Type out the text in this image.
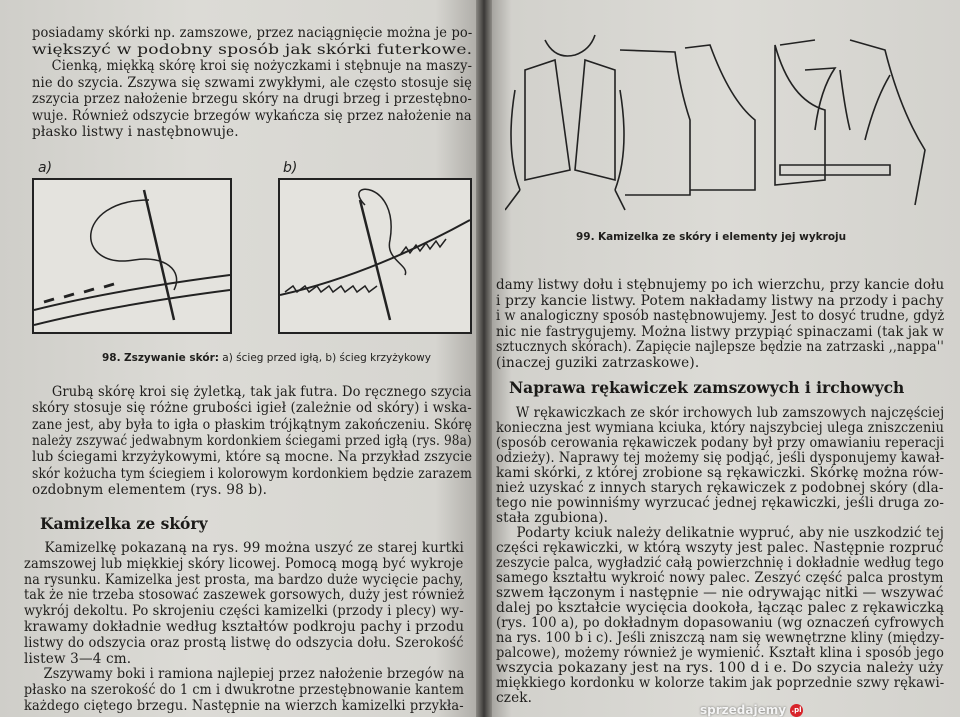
posiadamy skórki np. zamszowe, przez naciągnięcie można je po-
większyć w podobny sposób jak skórki futerkowe.
  Cienką, miękką skórę kroi się nożyczkami i stębnuje na maszy-
nie do szycia. Zszywa się szwami zwykłymi, ale często stosuje się
zszycia przez nałożenie brzegu skóry na drugi brzeg i przestębno-
wuje. Również odszycie brzegów wykańcza się przez nałożenie na
płasko listwy i nastębnowuje.
a)	b)
98. Zszywanie skór: a) ścieg przed igłą, b) ścieg krzyżykowy
  Grubą skórę kroi się żyletką, tak jak futra. Do ręcznego szycia
skóry stosuje się różne grubości igieł (zależnie od skóry) i wska-
zane jest, aby była to igła o płaskim trójkątnym zakończeniu. Skórę
należy zszywać jedwabnym kordonkiem ściegami przed igłą (rys. 98a)
lub ściegami krzyżykowymi, które są mocne. Na przykład zszycie
skór kożucha tym ściegiem i kolorowym kordonkiem będzie zarazem
ozdobnym elementem (rys. 98 b).
Kamizelka ze skóry
  Kamizelkę pokazaną na rys. 99 można uszyć ze starej kurtki
zamszowej lub miękkiej skóry licowej. Pomocą mogą być wykroje
na rysunku. Kamizelka jest prosta, ma bardzo duże wycięcie pachy,
tak że nie trzeba stosować zaszewek gorsowych, duży jest również
wykrój dekoltu. Po skrojeniu części kamizelki (przody i plecy) wy-
krawamy dokładnie według kształtów podkroju pachy i przodu
listwy do odszycia oraz prostą listwę do odszycia dołu. Szerokość
listew 3—4 cm.
  Zszywamy boki i ramiona najlepiej przez nałożenie brzegów na
płasko na szerokość do 1 cm i dwukrotne przestębnowanie kantem
każdego ciętego brzegu. Następnie na wierzch kamizelki przykła-
99. Kamizelka ze skóry i elementy jej wykroju
damy listwy dołu i stębnujemy po ich wierzchu, przy kancie dołu
i przy kancie listwy. Potem nakładamy listwy na przody i pachy
i w analogiczny sposób nastębnowujemy. Jest to dosyć trudne, gdyż
nic nie fastrygujemy. Można listwy przypiąć spinaczami (tak jak w
sztucznych skórach). Zapięcie najlepsze będzie na zatrzaski ,,nappa''
(inaczej guziki zatrzaskowe).
Naprawa rękawiczek zamszowych i irchowych
  W rękawiczkach ze skór irchowych lub zamszowych najczęściej
konieczna jest wymiana kciuka, który najszybciej ulega zniszczeniu
(sposób cerowania rękawiczek podany był przy omawianiu reperacji
odzieży). Naprawy tej możemy się podjąć, jeśli dysponujemy kawał-
kami skórki, z której zrobione są rękawiczki. Skórkę można rów-
nież uzyskać z innych starych rękawiczek z podobnej skóry (dla-
tego nie powinniśmy wyrzucać jednej rękawiczki, jeśli druga zo-
stała zgubiona).
  Podarty kciuk należy delikatnie wypruć, aby nie uszkodzić tej
części rękawiczki, w którą wszyty jest palec. Następnie rozpruć
zeszycie palca, wygładzić całą powierzchnię i dokładnie według tego
samego kształtu wykroić nowy palec. Zeszyć część palca prostym
szwem łączonym i następnie — nie odrywając nitki — wszywać
dalej po kształcie wycięcia dookoła, łącząc palec z rękawiczką
(rys. 100 a), po dokładnym dopasowaniu (wg oznaczeń cyfrowych
na rys. 100 b i c). Jeśli zniszczą nam się wewnętrzne kliny (między-
palcowe), możemy również je wymienić. Kształt klina i sposób jego
wszycia pokazany jest na rys. 100 d i e. Do szycia należy uży
miękkiego kordonku w kolorze takim jak poprzednie szwy rękawi-
czek.
sprzedajemy .pl
